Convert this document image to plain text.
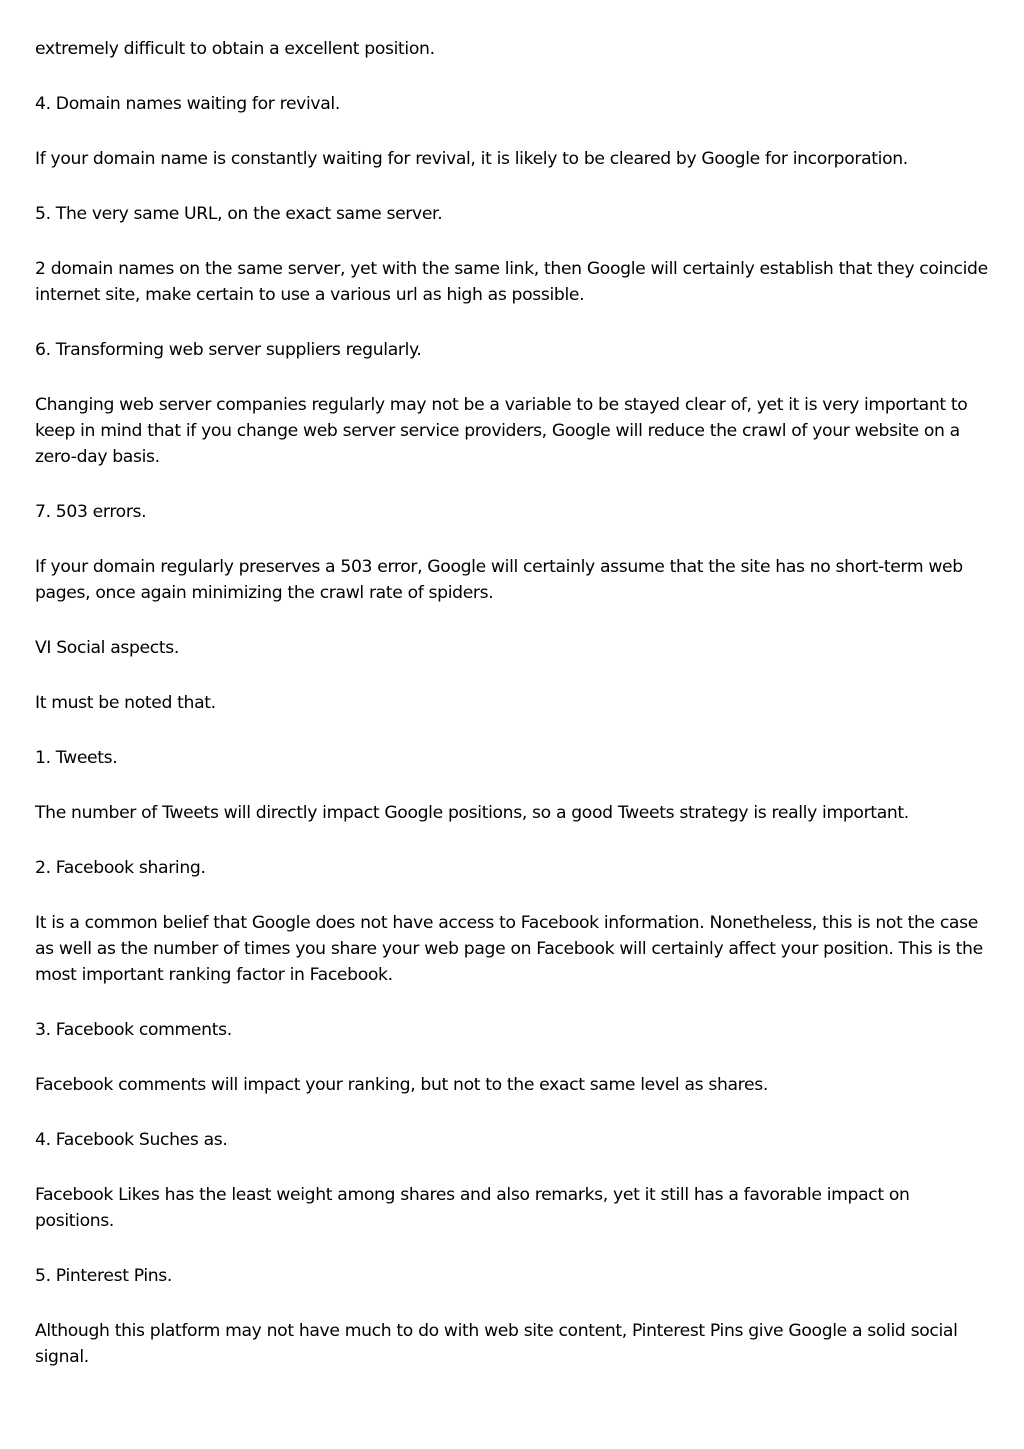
extremely difficult to obtain a excellent position.

4. Domain names waiting for revival.

If your domain name is constantly waiting for revival, it is likely to be cleared by Google for incorporation.

5. The very same URL, on the exact same server.

2 domain names on the same server, yet with the same link, then Google will certainly establish that they coincide internet site, make certain to use a various url as high as possible.

6. Transforming web server suppliers regularly.

Changing web server companies regularly may not be a variable to be stayed clear of, yet it is very important to keep in mind that if you change web server service providers, Google will reduce the crawl of your website on a zero-day basis.

7. 503 errors.

If your domain regularly preserves a 503 error, Google will certainly assume that the site has no short-term web pages, once again minimizing the crawl rate of spiders.

VI Social aspects.

It must be noted that.

1. Tweets.

The number of Tweets will directly impact Google positions, so a good Tweets strategy is really important.

2. Facebook sharing.

It is a common belief that Google does not have access to Facebook information. Nonetheless, this is not the case as well as the number of times you share your web page on Facebook will certainly affect your position. This is the most important ranking factor in Facebook.

3. Facebook comments.

Facebook comments will impact your ranking, but not to the exact same level as shares.

4. Facebook Suches as.

Facebook Likes has the least weight among shares and also remarks, yet it still has a favorable impact on positions.

5. Pinterest Pins.

Although this platform may not have much to do with web site content, Pinterest Pins give Google a solid social signal.
